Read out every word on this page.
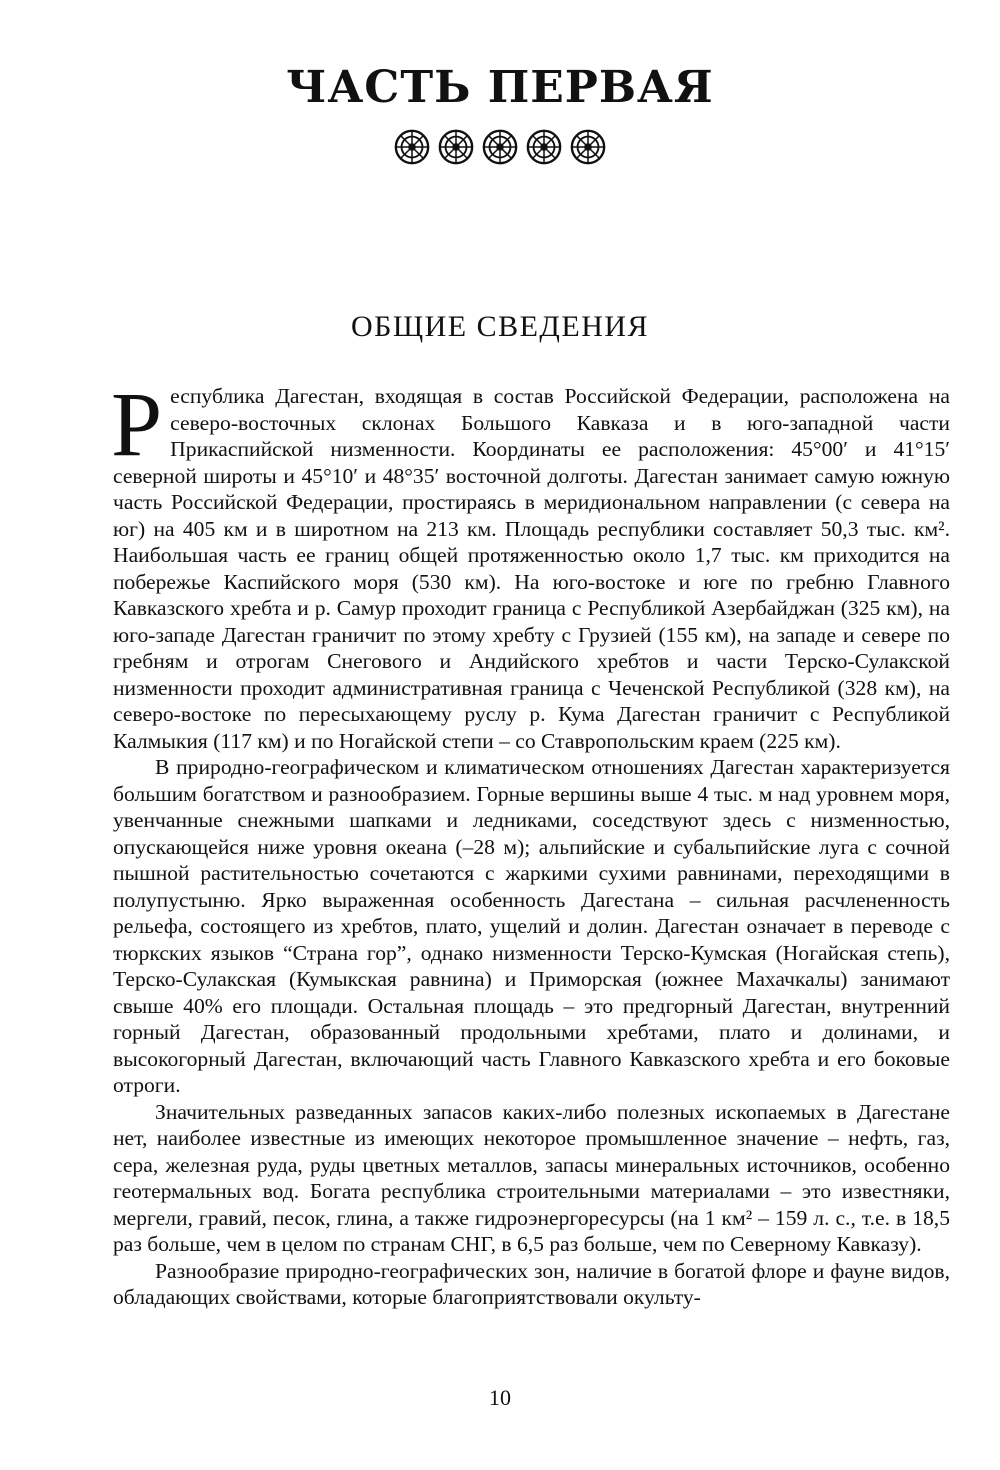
ЧАСТЬ ПЕРВАЯ
ОБЩИЕ СВЕДЕНИЯ

Республика Дагестан, входящая в состав Российской Федерации, расположена на северо-восточных склонах Большого Кавказа и в юго-западной части Прикаспийской низменности. Координаты ее расположения: 45°00′ и 41°15′ северной широты и 45°10′ и 48°35′ восточной долготы. Дагестан занимает самую южную часть Российской Федерации, простираясь в меридиональном направлении (с севера на юг) на 405 км и в широтном на 213 км. Площадь республики составляет 50,3 тыс. км². Наибольшая часть ее границ общей протяженностью около 1,7 тыс. км приходится на побережье Каспийского моря (530 км). На юго-востоке и юге по гребню Главного Кавказского хребта и р. Самур проходит граница с Республикой Азербайджан (325 км), на юго-западе Дагестан граничит по этому хребту с Грузией (155 км), на западе и севере по гребням и отрогам Снегового и Андийского хребтов и части Терско-Сулакской низменности проходит административная граница с Чеченской Республикой (328 км), на северо-востоке по пересыхающему руслу р. Кума Дагестан граничит с Республикой Калмыкия (117 км) и по Ногайской степи – со Ставропольским краем (225 км).

В природно-географическом и климатическом отношениях Дагестан характеризуется большим богатством и разнообразием. Горные вершины выше 4 тыс. м над уровнем моря, увенчанные снежными шапками и ледниками, соседствуют здесь с низменностью, опускающейся ниже уровня океана (–28 м); альпийские и субальпийские луга с сочной пышной растительностью сочетаются с жаркими сухими равнинами, переходящими в полупустыню. Ярко выраженная особенность Дагестана – сильная расчлененность рельефа, состоящего из хребтов, плато, ущелий и долин. Дагестан означает в переводе с тюркских языков “Страна гор”, однако низменности Терско-Кумская (Ногайская степь), Терско-Сулакская (Кумыкская равнина) и Приморская (южнее Махачкалы) занимают свыше 40% его площади. Остальная площадь – это предгорный Дагестан, внутренний горный Дагестан, образованный продольными хребтами, плато и долинами, и высокогорный Дагестан, включающий часть Главного Кавказского хребта и его боковые отроги.

Значительных разведанных запасов каких-либо полезных ископаемых в Дагестане нет, наиболее известные из имеющих некоторое промышленное значение – нефть, газ, сера, железная руда, руды цветных металлов, запасы минеральных источников, особенно геотермальных вод. Богата республика строительными материалами – это известняки, мергели, гравий, песок, глина, а также гидроэнергоресурсы (на 1 км² – 159 л. с., т.е. в 18,5 раз больше, чем в целом по странам СНГ, в 6,5 раз больше, чем по Северному Кавказу).

Разнообразие природно-географических зон, наличие в богатой флоре и фауне видов, обладающих свойствами, которые благоприятствовали окульту-

10
